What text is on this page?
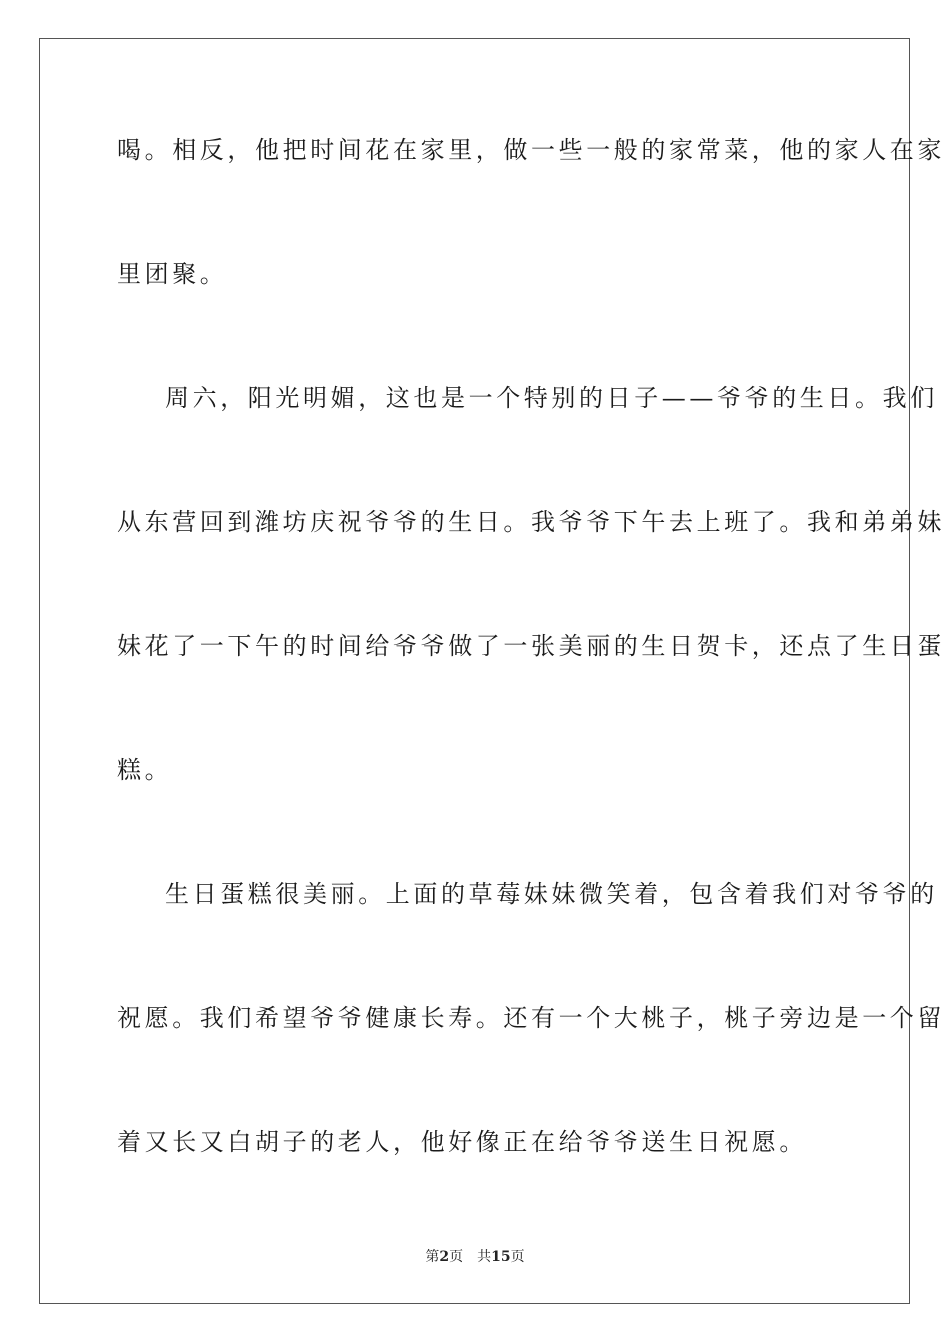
喝。相反，他把时间花在家里，做一些一般的家常菜，他的家人在家
里团聚。
周六，阳光明媚，这也是一个特别的日子——爷爷的生日。我们
从东营回到潍坊庆祝爷爷的生日。我爷爷下午去上班了。我和弟弟妹
妹花了一下午的时间给爷爷做了一张美丽的生日贺卡，还点了生日蛋
糕。
生日蛋糕很美丽。上面的草莓妹妹微笑着，包含着我们对爷爷的
祝愿。我们希望爷爷健康长寿。还有一个大桃子，桃子旁边是一个留
着又长又白胡子的老人，他好像正在给爷爷送生日祝愿。
第2页 共15页
